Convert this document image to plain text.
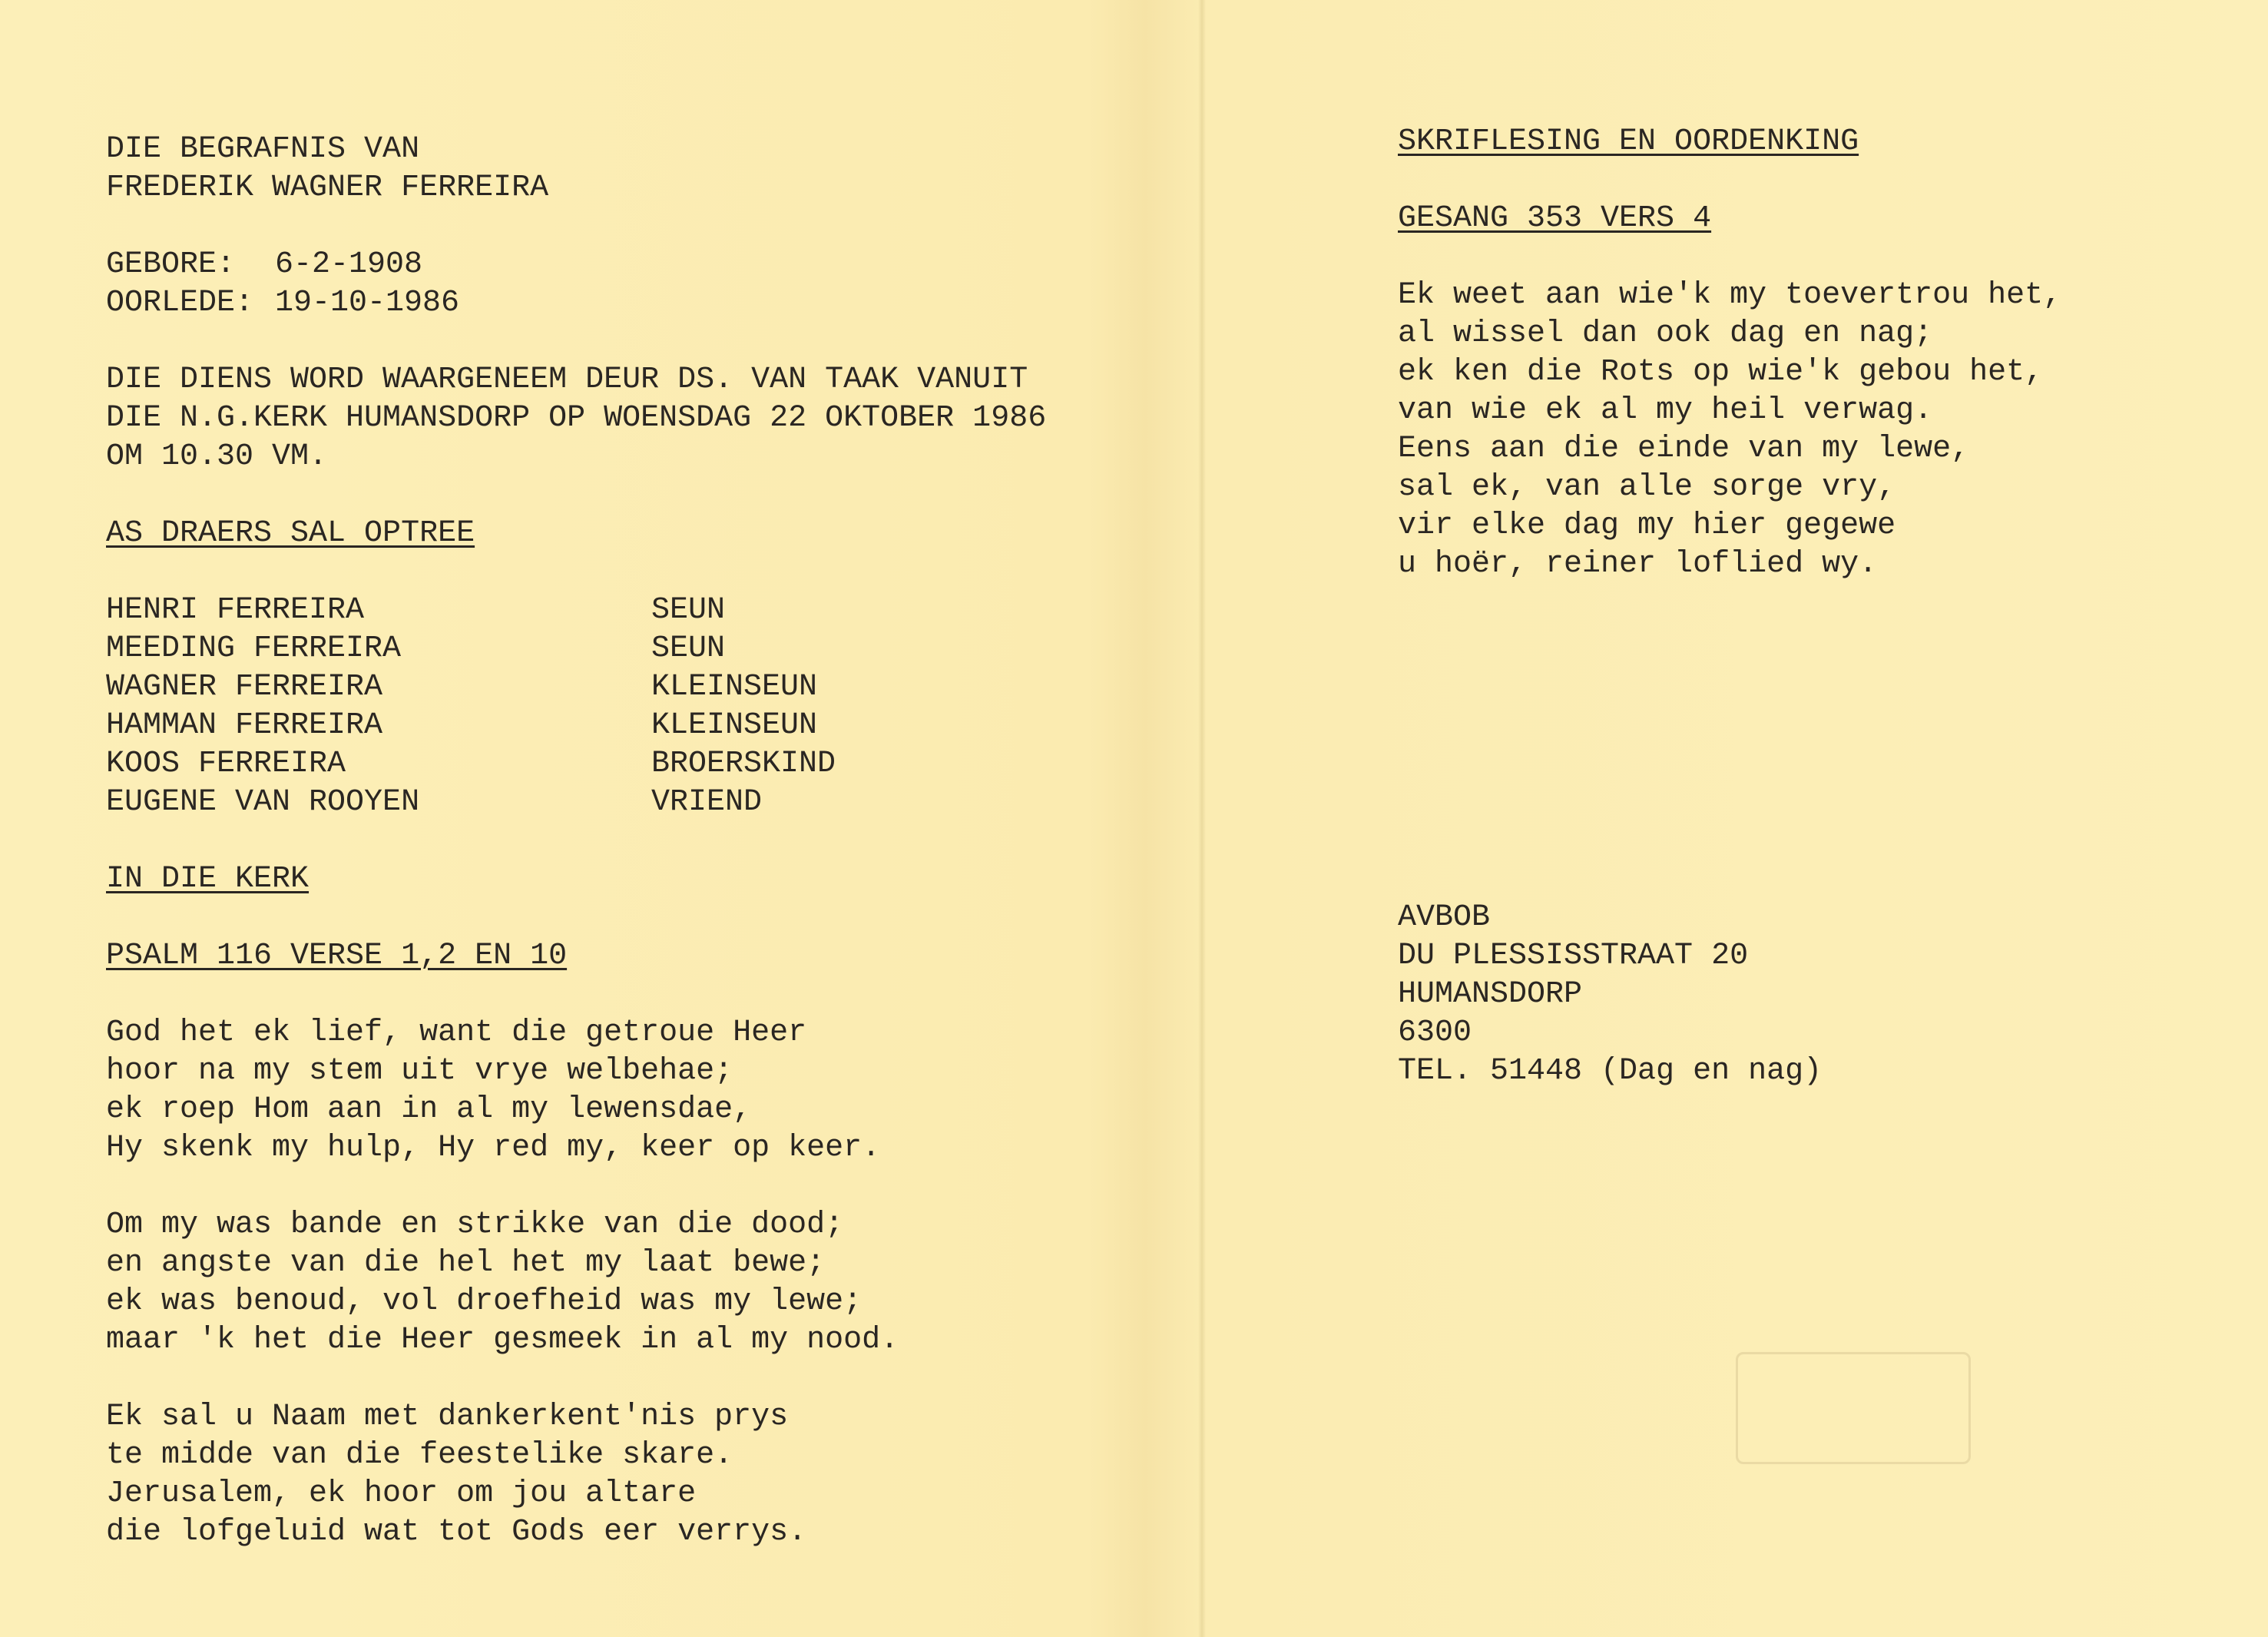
DIE BEGRAFNIS VAN
FREDERIK WAGNER FERREIRA
GEBORE:	6-2-1908
OORLEDE: 19-10-1986
DIE DIENS WORD WAARGENEEM DEUR DS. VAN TAAK VANUIT
DIE N.G.KERK HUMANSDORP OP WOENSDAG 22 OKTOBER 1986
OM 10.30 VM.
AS DRAERS SAL OPTREE
HENRI FERREIRA	SEUN
MEEDING FERREIRA	SEUN
WAGNER FERREIRA	KLEINSEUN
HAMMAN FERREIRA	KLEINSEUN
KOOS FERREIRA	BROERSKIND
EUGENE VAN ROOYEN	VRIEND
IN DIE KERK
PSALM 116 VERSE 1,2 EN 10
God het ek lief, want die getroue Heer
hoor na my stem uit vrye welbehae;
ek roep Hom aan in al my lewensdae,
Hy skenk my hulp, Hy red my, keer op keer.
Om my was bande en strikke van die dood;
en angste van die hel het my laat bewe;
ek was benoud, vol droefheid was my lewe;
maar 'k het die Heer gesmeek in al my nood.
Ek sal u Naam met dankerkent'nis prys
te midde van die feestelike skare.
Jerusalem, ek hoor om jou altare
die lofgeluid wat tot Gods eer verrys.
SKRIFLESING EN OORDENKING
GESANG 353 VERS 4
Ek weet aan wie'k my toevertrou het,
al wissel dan ook dag en nag;
ek ken die Rots op wie'k gebou het,
van wie ek al my heil verwag.
Eens aan die einde van my lewe,
sal ek, van alle sorge vry,
vir elke dag my hier gegewe
u hoër, reiner loflied wy.
AVBOB
DU PLESSISSTRAAT 20
HUMANSDORP
6300
TEL. 51448 (Dag en nag)
